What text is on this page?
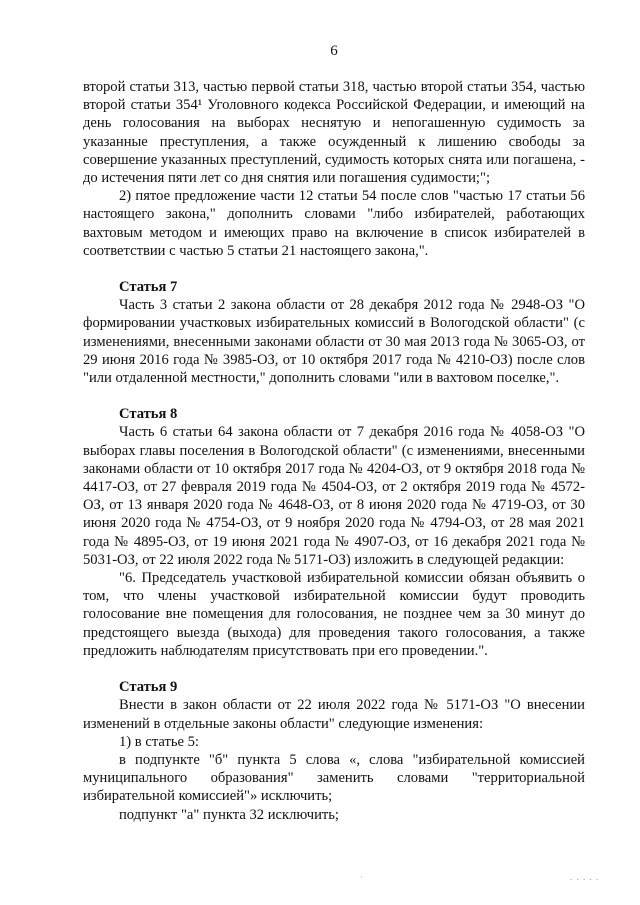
6

второй статьи 313, частью первой статьи 318, частью второй статьи 354, частью второй статьи 354¹ Уголовного кодекса Российской Федерации, и имеющий на день голосования на выборах неснятую и непогашенную судимость за указанные преступления, а также осужденный к лишению свободы за совершение указанных преступлений, судимость которых снята или погашена, - до истечения пяти лет со дня снятия или погашения судимости;";

2) пятое предложение части 12 статьи 54 после слов "частью 17 статьи 56 настоящего закона," дополнить словами "либо избирателей, работающих вахтовым методом и имеющих право на включение в список избирателей в соответствии с частью 5 статьи 21 настоящего закона,".

Статья 7

Часть 3 статьи 2 закона области от 28 декабря 2012 года № 2948-ОЗ "О формировании участковых избирательных комиссий в Вологодской области" (с изменениями, внесенными законами области от 30 мая 2013 года № 3065-ОЗ, от 29 июня 2016 года № 3985-ОЗ, от 10 октября 2017 года № 4210-ОЗ) после слов "или отдаленной местности," дополнить словами "или в вахтовом поселке,".

Статья 8

Часть 6 статьи 64 закона области от 7 декабря 2016 года № 4058-ОЗ "О выборах главы поселения в Вологодской области" (с изменениями, внесенными законами области от 10 октября 2017 года № 4204-ОЗ, от 9 октября 2018 года № 4417-ОЗ, от 27 февраля 2019 года № 4504-ОЗ, от 2 октября 2019 года № 4572-ОЗ, от 13 января 2020 года № 4648-ОЗ, от 8 июня 2020 года № 4719-ОЗ, от 30 июня 2020 года № 4754-ОЗ, от 9 ноября 2020 года № 4794-ОЗ, от 28 мая 2021 года № 4895-ОЗ, от 19 июня 2021 года № 4907-ОЗ, от 16 декабря 2021 года № 5031-ОЗ, от 22 июля 2022 года № 5171-ОЗ) изложить в следующей редакции:

"6. Председатель участковой избирательной комиссии обязан объявить о том, что члены участковой избирательной комиссии будут проводить голосование вне помещения для голосования, не позднее чем за 30 минут до предстоящего выезда (выхода) для проведения такого голосования, а также предложить наблюдателям присутствовать при его проведении.".

Статья 9

Внести в закон области от 22 июля 2022 года № 5171-ОЗ "О внесении изменений в отдельные законы области" следующие изменения:

1) в статье 5:

в подпункте "б" пункта 5 слова «, слова "избирательной комиссией муниципального образования" заменить словами "территориальной избирательной комиссией"» исключить;

подпункт "а" пункта 32 исключить;

·	. . . . .
